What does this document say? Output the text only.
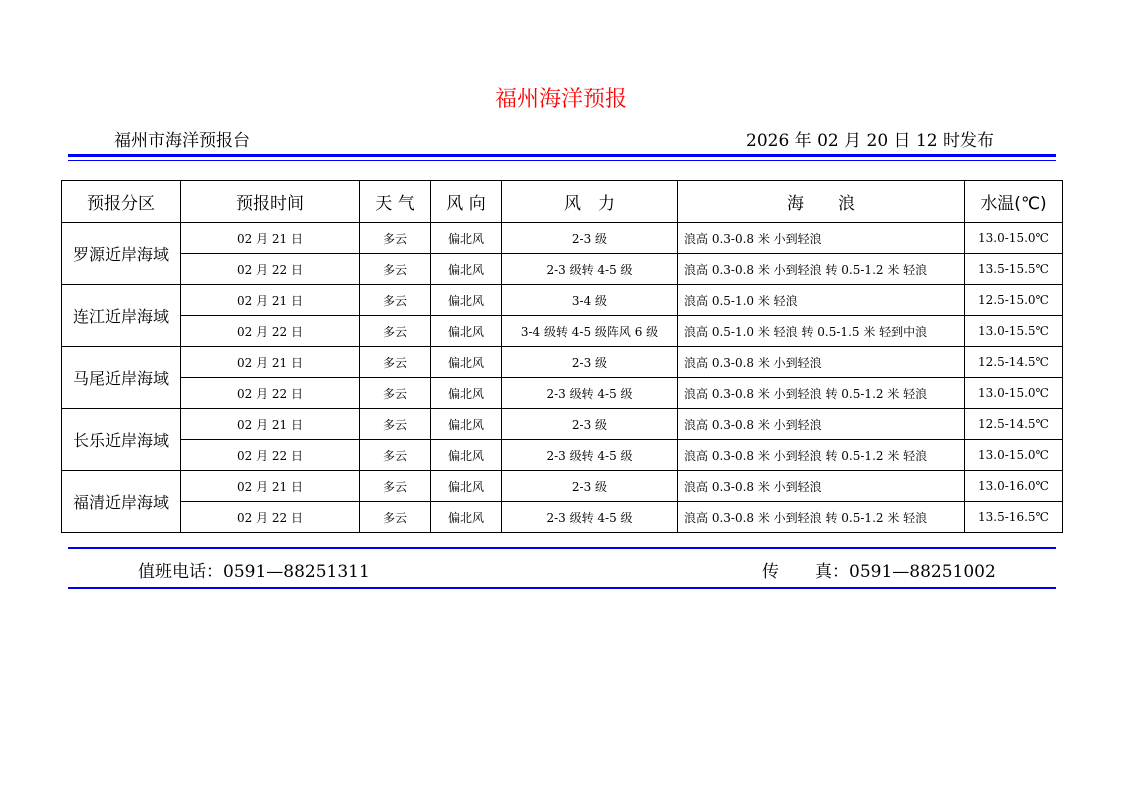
福州海洋预报
福州市海洋预报台	2026 年 02 月 20 日 12 时发布
预报分区	预报时间	天 气	风 向	风　力	海　　浪	水温(℃)
罗源近岸海域	02 月 21 日	多云	偏北风	2-3 级	浪高 0.3-0.8 米 小到轻浪	13.0-15.0℃
	02 月 22 日	多云	偏北风	2-3 级转 4-5 级	浪高 0.3-0.8 米 小到轻浪 转 0.5-1.2 米 轻浪	13.5-15.5℃
连江近岸海域	02 月 21 日	多云	偏北风	3-4 级	浪高 0.5-1.0 米 轻浪	12.5-15.0℃
	02 月 22 日	多云	偏北风	3-4 级转 4-5 级阵风 6 级	浪高 0.5-1.0 米 轻浪 转 0.5-1.5 米 轻到中浪	13.0-15.5℃
马尾近岸海域	02 月 21 日	多云	偏北风	2-3 级	浪高 0.3-0.8 米 小到轻浪	12.5-14.5℃
	02 月 22 日	多云	偏北风	2-3 级转 4-5 级	浪高 0.3-0.8 米 小到轻浪 转 0.5-1.2 米 轻浪	13.0-15.0℃
长乐近岸海域	02 月 21 日	多云	偏北风	2-3 级	浪高 0.3-0.8 米 小到轻浪	12.5-14.5℃
	02 月 22 日	多云	偏北风	2-3 级转 4-5 级	浪高 0.3-0.8 米 小到轻浪 转 0.5-1.2 米 轻浪	13.0-15.0℃
福清近岸海域	02 月 21 日	多云	偏北风	2-3 级	浪高 0.3-0.8 米 小到轻浪	13.0-16.0℃
	02 月 22 日	多云	偏北风	2-3 级转 4-5 级	浪高 0.3-0.8 米 小到轻浪 转 0.5-1.2 米 轻浪	13.5-16.5℃
值班电话：0591—88251311	传 真：0591—88251002
